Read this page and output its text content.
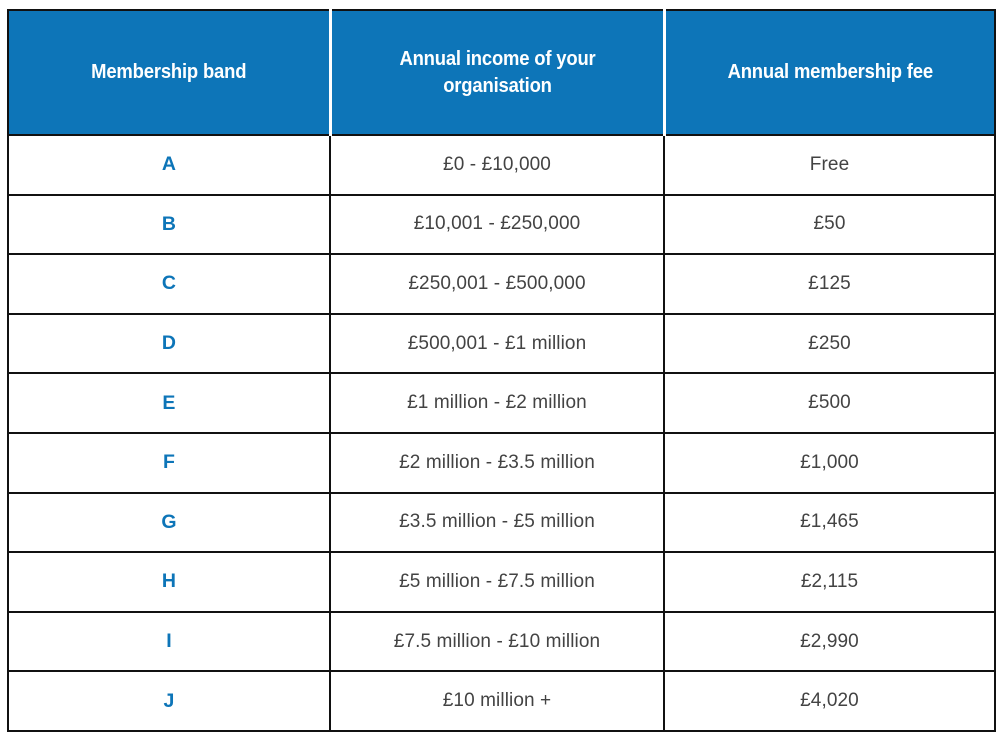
Membership band	Annual income of your organisation	Annual membership fee

A	£0 - £10,000	Free
B	£10,001 - £250,000	£50
C	£250,001 - £500,000	£125
D	£500,001 - £1 million	£250
E	£1 million - £2 million	£500
F	£2 million - £3.5 million	£1,000
G	£3.5 million - £5 million	£1,465
H	£5 million - £7.5 million	£2,115
I	£7.5 million - £10 million	£2,990
J	£10 million +	£4,020
